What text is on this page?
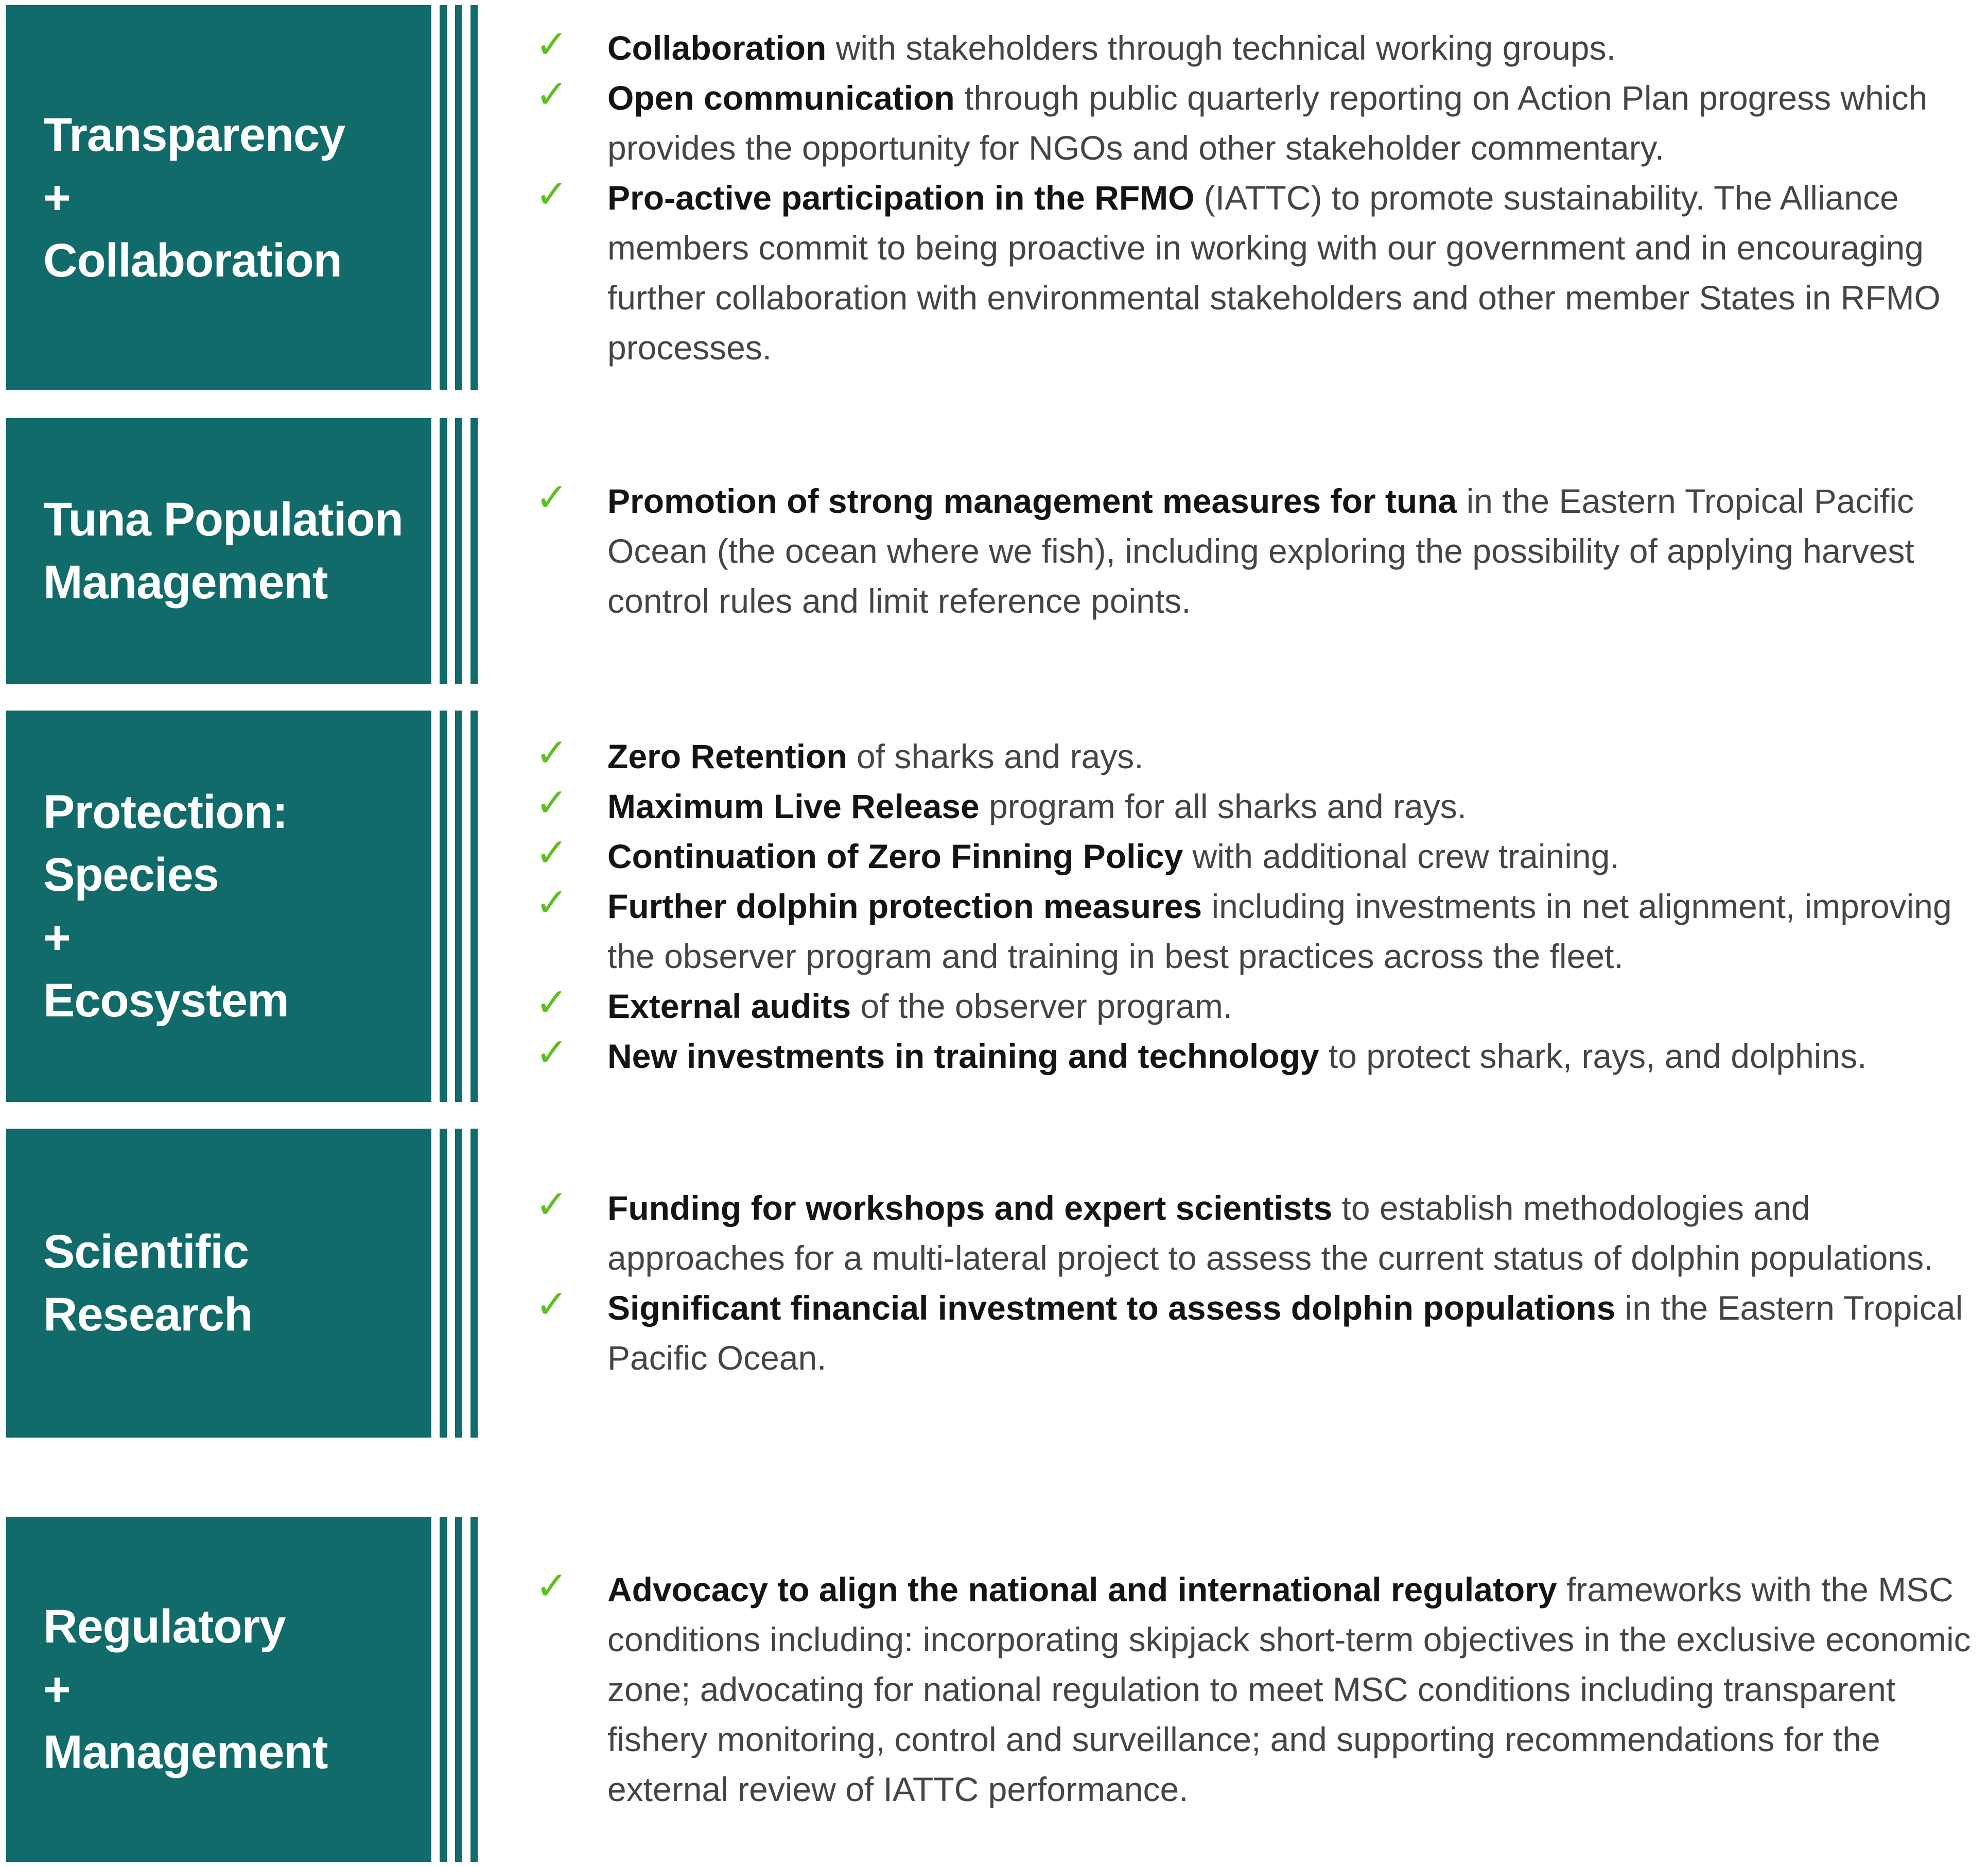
Transparency
+
Collaboration
✓ Collaboration with stakeholders through technical working groups.
✓ Open communication through public quarterly reporting on Action Plan progress which provides the opportunity for NGOs and other stakeholder commentary.
✓ Pro-active participation in the RFMO (IATTC) to promote sustainability. The Alliance members commit to being proactive in working with our government and in encouraging further collaboration with environmental stakeholders and other member States in RFMO processes.
Tuna Population
Management
✓ Promotion of strong management measures for tuna in the Eastern Tropical Pacific Ocean (the ocean where we fish), including exploring the possibility of applying harvest control rules and limit reference points.
Protection:
Species
+
Ecosystem
✓ Zero Retention of sharks and rays.
✓ Maximum Live Release program for all sharks and rays.
✓ Continuation of Zero Finning Policy with additional crew training.
✓ Further dolphin protection measures including investments in net alignment, improving the observer program and training in best practices across the fleet.
✓ External audits of the observer program.
✓ New investments in training and technology to protect shark, rays, and dolphins.
Scientific
Research
✓ Funding for workshops and expert scientists to establish methodologies and approaches for a multi-lateral project to assess the current status of dolphin populations.
✓ Significant financial investment to assess dolphin populations in the Eastern Tropical Pacific Ocean.
Regulatory
+
Management
✓ Advocacy to align the national and international regulatory frameworks with the MSC conditions including: incorporating skipjack short-term objectives in the exclusive economic zone; advocating for national regulation to meet MSC conditions including transparent fishery monitoring, control and surveillance; and supporting recommendations for the external review of IATTC performance.
